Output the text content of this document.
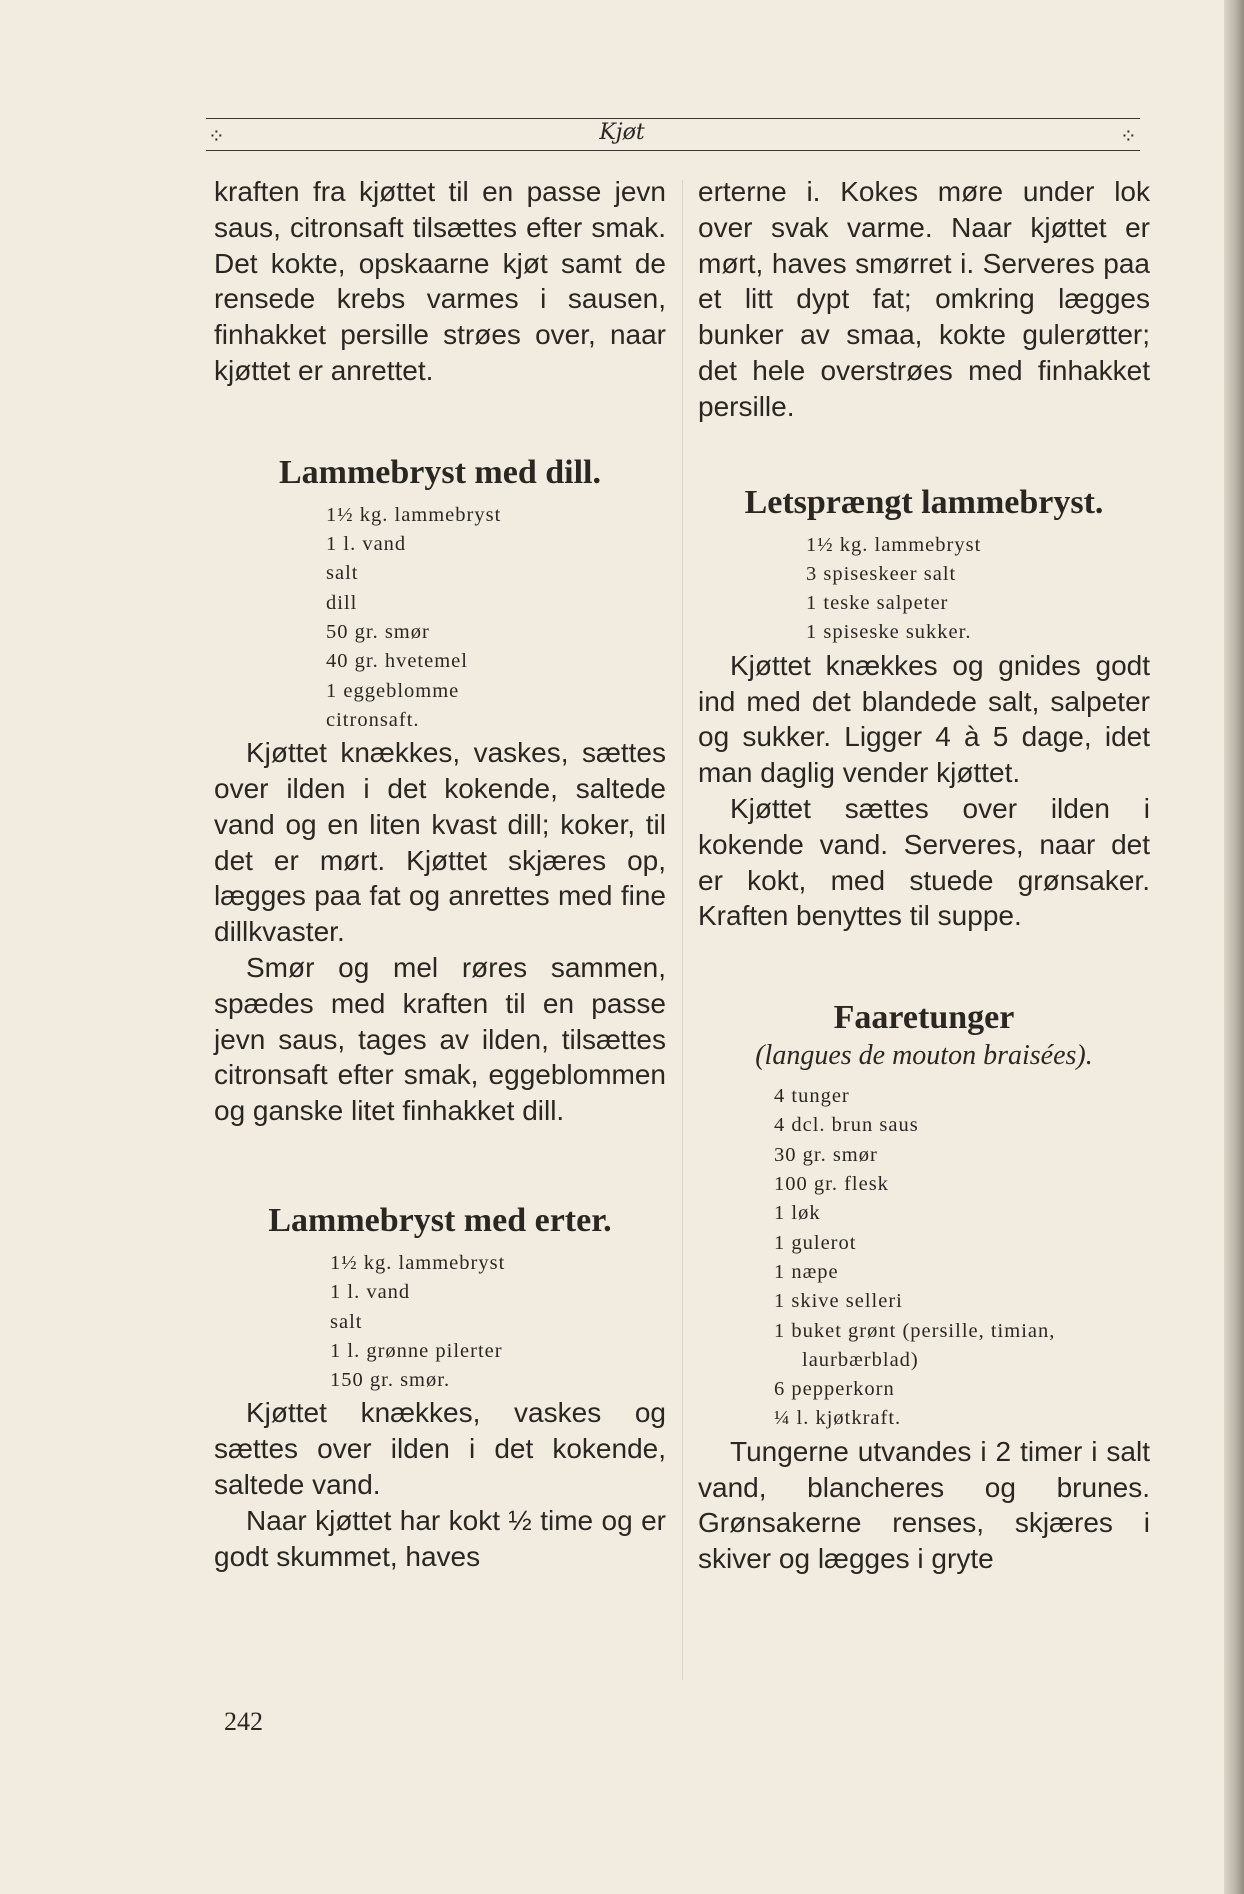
⁘	Kjøt	⁘

kraften fra kjøttet til en passe jevn saus, citronsaft tilsættes efter smak. Det kokte, opskaarne kjøt samt de rensede krebs varmes i sausen, finhakket persille strøes over, naar kjøttet er anrettet.

Lammebryst med dill.
1½ kg. lammebryst
1 l. vand
salt
dill
50 gr. smør
40 gr. hvetemel
1 eggeblomme
citronsaft.

Kjøttet knækkes, vaskes, sættes over ilden i det kokende, saltede vand og en liten kvast dill; koker, til det er mørt. Kjøttet skjæres op, lægges paa fat og anrettes med fine dillkvaster.

Smør og mel røres sammen, spædes med kraften til en passe jevn saus, tages av ilden, tilsættes citronsaft efter smak, eggeblommen og ganske litet finhakket dill.

Lammebryst med erter.
1½ kg. lammebryst
1 l. vand
salt
1 l. grønne pilerter
150 gr. smør.

Kjøttet knækkes, vaskes og sættes over ilden i det kokende, saltede vand.

Naar kjøttet har kokt ½ time og er godt skummet, haves

erterne i. Kokes møre under lok over svak varme. Naar kjøttet er mørt, haves smørret i. Serveres paa et litt dypt fat; omkring lægges bunker av smaa, kokte gulerøtter; det hele overstrøes med finhakket persille.

Letsprængt lammebryst.
1½ kg. lammebryst
3 spiseskeer salt
1 teske salpeter
1 spiseske sukker.

Kjøttet knækkes og gnides godt ind med det blandede salt, salpeter og sukker. Ligger 4 à 5 dage, idet man daglig vender kjøttet.

Kjøttet sættes over ilden i kokende vand. Serveres, naar det er kokt, med stuede grønsaker. Kraften benyttes til suppe.

Faaretunger

(langues de mouton braisées).

4 tunger
4 dcl. brun saus
30 gr. smør
100 gr. flesk
1 løk
1 gulerot
1 næpe
1 skive selleri
1 buket grønt (persille, timian,
laurbærblad)
6 pepperkorn
¼ l. kjøtkraft.

Tungerne utvandes i 2 timer i salt vand, blancheres og brunes. Grønsakerne renses, skjæres i skiver og lægges i gryte

242
